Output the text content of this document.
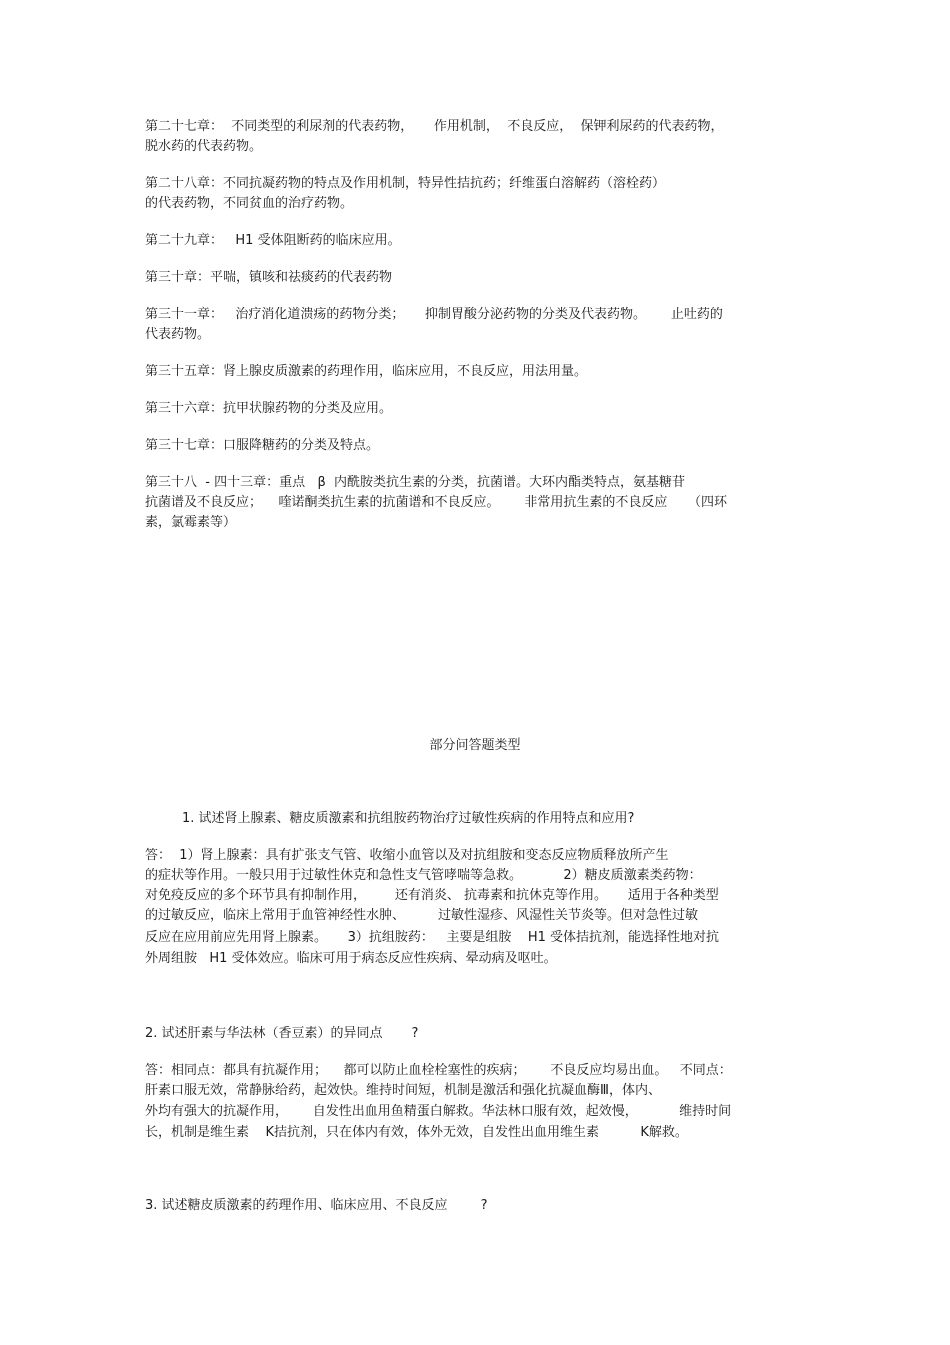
第二十七章：  不同类型的利尿剂的代表药物，     作用机制，  不良反应，  保钾利尿药的代表药物，
脱水药的代表药物。
第二十八章：不同抗凝药物的特点及作用机制，特异性拮抗药；纤维蛋白溶解药（溶栓药）
的代表药物，不同贫血的治疗药物。
第二十九章：   H1 受体阻断药的临床应用。
第三十章：平喘，镇咳和祛痰药的代表药物
第三十一章：   治疗消化道溃疡的药物分类；     抑制胃酸分泌药物的分类及代表药物。      止吐药的
代表药物。
第三十五章：肾上腺皮质激素的药理作用，临床应用，不良反应，用法用量。
第三十六章：抗甲状腺药物的分类及应用。
第三十七章：口服降糖药的分类及特点。
第三十八  - 四十三章：重点   β  内酰胺类抗生素的分类，抗菌谱。大环内酯类特点，氨基糖苷
抗菌谱及不良反应；    喹诺酮类抗生素的抗菌谱和不良反应。      非常用抗生素的不良反应     （四环
素，氯霉素等）
部分问答题类型
1. 试述肾上腺素、糖皮质激素和抗组胺药物治疗过敏性疾病的作用特点和应用?
答：  1）肾上腺素：具有扩张支气管、收缩小血管以及对抗组胺和变态反应物质释放所产生
的症状等作用。一般只用于过敏性休克和急性支气管哮喘等急救。          2）糖皮质激素类药物：
对免疫反应的多个环节具有抑制作用，       还有消炎、 抗毒素和抗休克等作用。     适用于各种类型
的过敏反应，临床上常用于血管神经性水肿、        过敏性湿疹、风湿性关节炎等。但对急性过敏
反应在应用前应先用肾上腺素。     3）抗组胺药：   主要是组胺    H1 受体拮抗剂，能选择性地对抗
外周组胺   H1 受体效应。临床可用于病态反应性疾病、晕动病及呕吐。
2. 试述肝素与华法林（香豆素）的异同点       ?
答：相同点：都具有抗凝作用；    都可以防止血栓栓塞性的疾病；      不良反应均易出血。   不同点：
肝素口服无效，常静脉给药，起效快。维持时间短，机制是激活和强化抗凝血酶Ⅲ，体内、
外均有强大的抗凝作用，      自发性出血用鱼精蛋白解救。华法林口服有效，起效慢，          维持时间
长，机制是维生素    K拮抗剂，只在体内有效，体外无效，自发性出血用维生素          K解救。
3. 试述糖皮质激素的药理作用、临床应用、不良反应        ?
